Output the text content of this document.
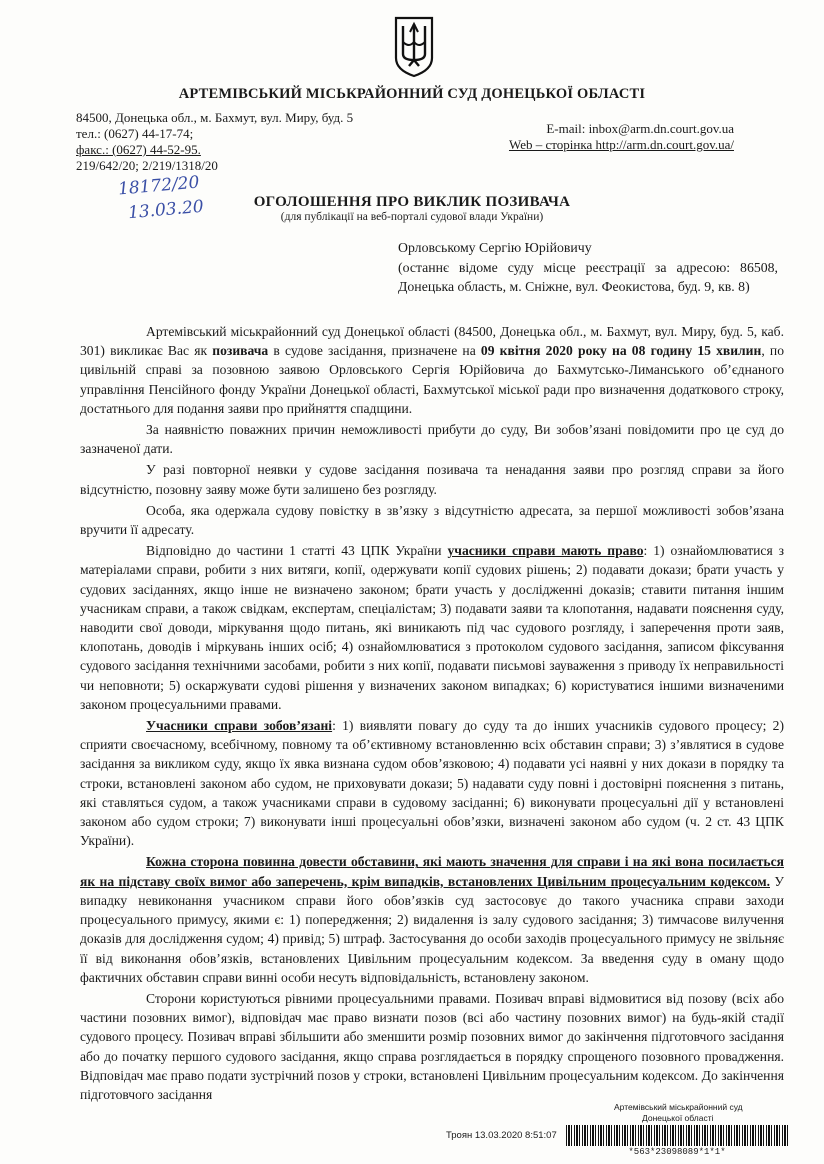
АРТЕМІВСЬКИЙ МІСЬКРАЙОННИЙ СУД ДОНЕЦЬКОЇ ОБЛАСТІ
84500, Донецька обл., м. Бахмут, вул. Миру, буд. 5
тел.: (0627) 44-17-74;
факс.: (0627) 44-52-95.
219/642/20; 2/219/1318/20
E-mail: inbox@arm.dn.court.gov.ua
Web – сторінка http://arm.dn.court.gov.ua/
18172/20
13.03.20	ОГОЛОШЕННЯ ПРО ВИКЛИК ПОЗИВАЧА
(для публікації на веб-порталі судової влади України)
Орловському Сергію Юрійовичу
(останнє відоме суду місце реєстрації за адресою: 86508, Донецька область, м. Сніжне, вул. Феокистова, буд. 9, кв. 8)

Артемівський міськрайонний суд Донецької області (84500, Донецька обл., м. Бахмут, вул. Миру, буд. 5, каб. 301) викликає Вас як позивача в судове засідання, призначене на 09 квітня 2020 року на 08 годину 15 хвилин, по цивільній справі за позовною заявою Орловського Сергія Юрійовича до Бахмутсько-Лиманського об’єднаного управління Пенсійного фонду України Донецької області, Бахмутської міської ради про визначення додаткового строку, достатнього для подання заяви про прийняття спадщини.

За наявністю поважних причин неможливості прибути до суду, Ви зобов’язані повідомити про це суд до зазначеної дати.

У разі повторної неявки у судове засідання позивача та ненадання заяви про розгляд справи за його відсутністю, позовну заяву може бути залишено без розгляду.

Особа, яка одержала судову повістку в зв’язку з відсутністю адресата, за першої можливості зобов’язана вручити її адресату.

Відповідно до частини 1 статті 43 ЦПК України учасники справи мають право: 1) ознайомлюватися з матеріалами справи, робити з них витяги, копії, одержувати копії судових рішень; 2) подавати докази; брати участь у судових засіданнях, якщо інше не визначено законом; брати участь у дослідженні доказів; ставити питання іншим учасникам справи, а також свідкам, експертам, спеціалістам; 3) подавати заяви та клопотання, надавати пояснення суду, наводити свої доводи, міркування щодо питань, які виникають під час судового розгляду, і заперечення проти заяв, клопотань, доводів і міркувань інших осіб; 4) ознайомлюватися з протоколом судового засідання, записом фіксування судового засідання технічними засобами, робити з них копії, подавати письмові зауваження з приводу їх неправильності чи неповноти; 5) оскаржувати судові рішення у визначених законом випадках; 6) користуватися іншими визначеними законом процесуальними правами.

Учасники справи зобов’язані: 1) виявляти повагу до суду та до інших учасників судового процесу; 2) сприяти своєчасному, всебічному, повному та об’єктивному встановленню всіх обставин справи; 3) з’являтися в судове засідання за викликом суду, якщо їх явка визнана судом обов’язковою; 4) подавати усі наявні у них докази в порядку та строки, встановлені законом або судом, не приховувати докази; 5) надавати суду повні і достовірні пояснення з питань, які ставляться судом, а також учасниками справи в судовому засіданні; 6) виконувати процесуальні дії у встановлені законом або судом строки; 7) виконувати інші процесуальні обов’язки, визначені законом або судом (ч. 2 ст. 43 ЦПК України).

Кожна сторона повинна довести обставини, які мають значення для справи і на які вона посилається як на підставу своїх вимог або заперечень, крім випадків, встановлених Цивільним процесуальним кодексом. У випадку невиконання учасником справи його обов’язків суд застосовує до такого учасника справи заходи процесуального примусу, якими є: 1) попередження; 2) видалення із залу судового засідання; 3) тимчасове вилучення доказів для дослідження судом; 4) привід; 5) штраф. Застосування до особи заходів процесуального примусу не звільняє її від виконання обов’язків, встановлених Цивільним процесуальним кодексом. За введення суду в оману щодо фактичних обставин справи винні особи несуть відповідальність, встановлену законом.

Сторони користуються рівними процесуальними правами. Позивач вправі відмовитися від позову (всіх або частини позовних вимог), відповідач має право визнати позов (всі або частину позовних вимог) на будь-якій стадії судового процесу. Позивач вправі збільшити або зменшити розмір позовних вимог до закінчення підготовчого засідання або до початку першого судового засідання, якщо справа розглядається в порядку спрощеного позовного провадження. Відповідач має право подати зустрічний позов у строки, встановлені Цивільним процесуальним кодексом. До закінчення підготовчого засідання

Артемівський міськрайонний суд
Донецької області
Троян 13.03.2020 8:51:07
*563*23098089*1*1*
